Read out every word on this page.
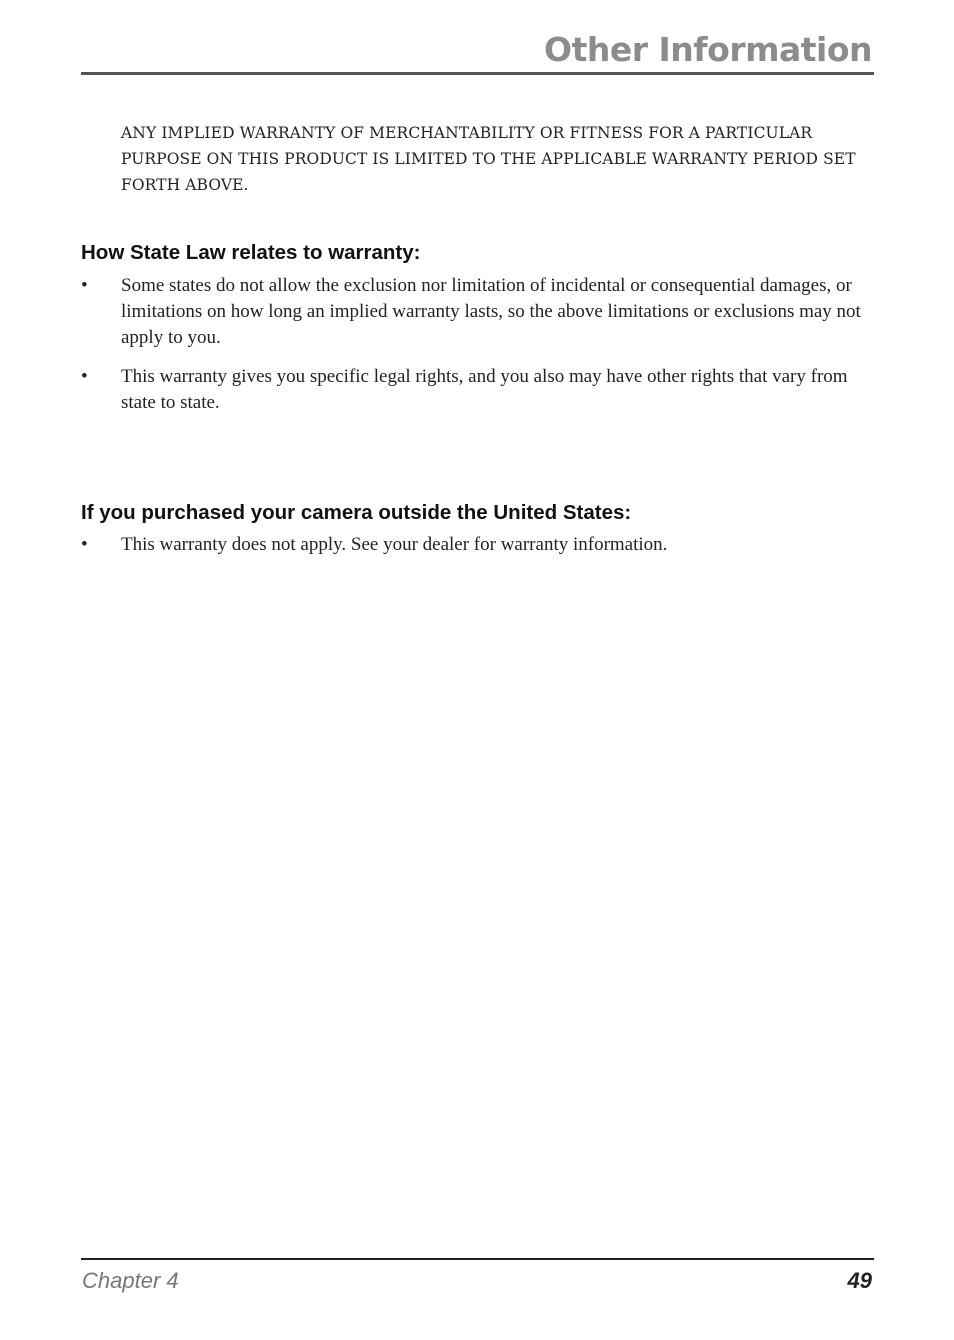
Other Information
ANY IMPLIED WARRANTY OF MERCHANTABILITY OR FITNESS FOR A PARTICULAR PURPOSE ON THIS PRODUCT IS LIMITED TO THE APPLICABLE WARRANTY PERIOD SET FORTH ABOVE.
How State Law relates to warranty:
•	Some states do not allow the exclusion nor limitation of incidental or consequential damages, or limitations on how long an implied warranty lasts, so the above limitations or exclusions may not apply to you.
•	This warranty gives you specific legal rights, and you also may have other rights that vary from state to state.
If you purchased your camera outside the United States:
•	This warranty does not apply. See your dealer for warranty information.
Chapter 4	49
